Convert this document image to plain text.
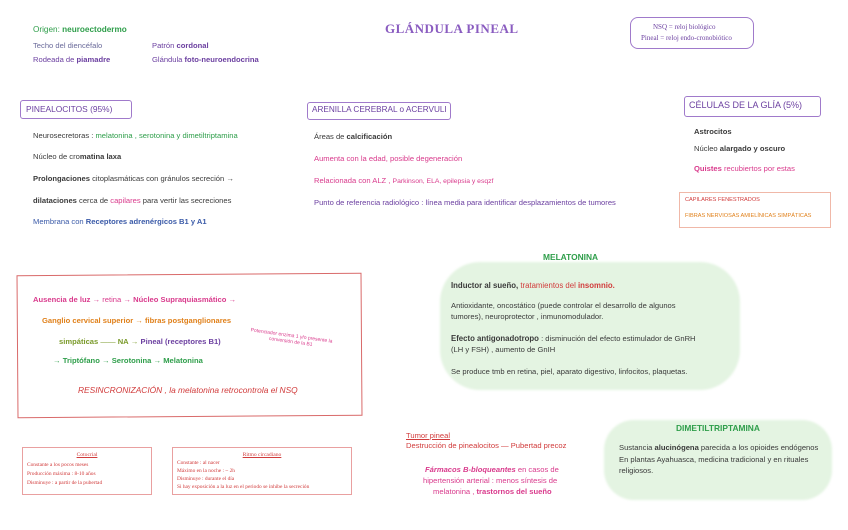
Origen: neuroectodermo
Techo del diencéfalo
Rodeada de piamadre
Patrón cordonal
Glándula foto-neuroendocrina
GLÁNDULA PINEAL	NSQ = reloj biológico
Pineal = reloj endo-cronobiótico
PINEALOCITOS (95%)
Neurosecretoras : melatonina , serotonina y dimetiltriptamina
Núcleo de cromatina laxa
Prolongaciones citoplasmáticas con gránulos secreción →
dilataciones cerca de capilares para vertir las secreciones
Membrana con Receptores adrenérgicos B1 y A1
ARENILLA CEREBRAL o ACERVULI
Áreas de calcificación
Aumenta con la edad, posible degeneración
Relacionada con ALZ , Parkinson, ELA, epilepsia y esqzf
Punto de referencia radiológico : línea media para identificar desplazamientos de tumores
CÉLULAS DE LA GLÍA (5%)
Astrocitos
Núcleo alargado y oscuro
Quistes recubiertos por estas
CAPILARES FENESTRADOS
FIBRAS NERVIOSAS AMIELÍNICAS SIMPÁTICAS
Ausencia de luz → retina → Núcleo Supraquiasmático →
Ganglio cervical superior → fibras postganglionares
simpáticas —— NA → Pineal (receptores B1)	Potenciador enzima 1 y/o presente la conversión de la B1
→ Triptófano → Serotonina → Melatonina
RESINCRONIZACIÓN , la melatonina retrocontrola el NSQ
MELATONINA
Inductor al sueño, tratamientos del insomnio.
Antioxidante, oncostático (puede controlar el desarrollo de algunos
tumores), neuroprotector , inmunomodulador.
Efecto antigonadotropo : disminución del efecto estimulador de GnRH
(LH y FSH) , aumento de GnIH
Se produce tmb en retina, piel, aparato digestivo, linfocitos, plaquetas.
Tumor pineal
Destrucción de pinealocitos — Pubertad precoz
Fármacos B-bloqueantes en casos de
hipertensión arterial : menos síntesis de
melatonina , trastornos del sueño
DIMETILTRIPTAMINA
Sustancia alucinógena parecida a los opioides endógenos
En plantas Ayahuasca, medicina tradicional y en rituales
religiosos.
Cotocrial
Constante a los pocos meses
Producción máxima : 8-10 años
Disminuye : a partir de la pubertad
Ritmo circadiano
Constante : al nacer
Máximo en la noche : ~ 2h
Disminuye : durante el día
Si hay exposición a la luz en el periodo se inhibe la secreción
